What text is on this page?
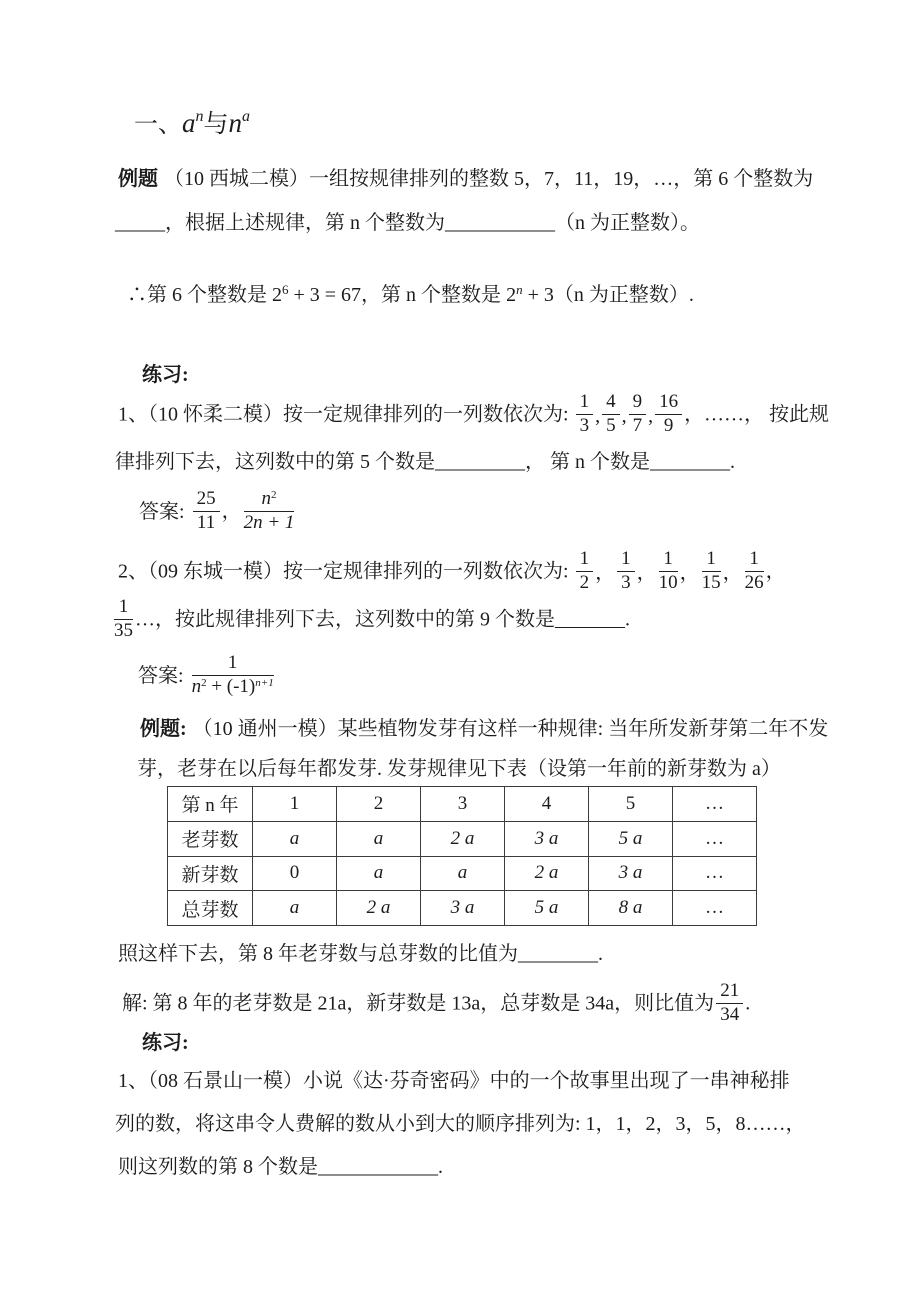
一、$a^n$与$n^a$
例题 （10 西城二模）一组按规律排列的整数 5，7，11，19，…，第 6 个整数为
_____，根据上述规律，第 n 个整数为___________（n 为正整数）。
∴第 6 个整数是 $2^6 + 3 = 67$，第 n 个整数是 $2^n + 3(n$ 为正整数）.
练习:
1、（10 怀柔二模）按一定规律排列的一列数依次为: $\frac{1}{3}$ , $\frac{4}{5}$ , $\frac{9}{7}$ , $\frac{16}{9}$ ，……， 按此规
律排列下去，这列数中的第 5 个数是_________， 第 n 个数是________.
答案: $\frac{25}{11}$ ， $\frac{n^2}{2n + 1}$
2、（09 东城一模）按一定规律排列的一列数依次为: $\frac{1}{2}$ ， $\frac{1}{3}$ ， $\frac{1}{10}$ ， $\frac{1}{15}$ ， $\frac{1}{26}$ ，
$\frac{1}{35}$ …，按此规律排列下去，这列数中的第 9 个数是_______.
答案: $\frac{1}{n^2 + (-1)^{n+1}}$
例题: （10 通州一模）某些植物发芽有这样一种规律: 当年所发新芽第二年不发
芽，老芽在以后每年都发芽. 发芽规律见下表（设第一年前的新芽数为 a）
第 n 年	1	2	3	4	5	…
老芽数	a	a	2 a	3 a	5 a	…
新芽数	0	a	a	2 a	3 a	…
总芽数	a	2 a	3 a	5 a	8 a	…
照这样下去，第 8 年老芽数与总芽数的比值为________.
解: 第 8 年的老芽数是 21a，新芽数是 13a，总芽数是 34a，则比值为 $\frac{21}{34}$ .
练习:
1、（08 石景山一模）小说《达·芬奇密码》中的一个故事里出现了一串神秘排
列的数，将这串令人费解的数从小到大的顺序排列为: 1，1，2，3，5，8……，
则这列数的第 8 个数是____________.
